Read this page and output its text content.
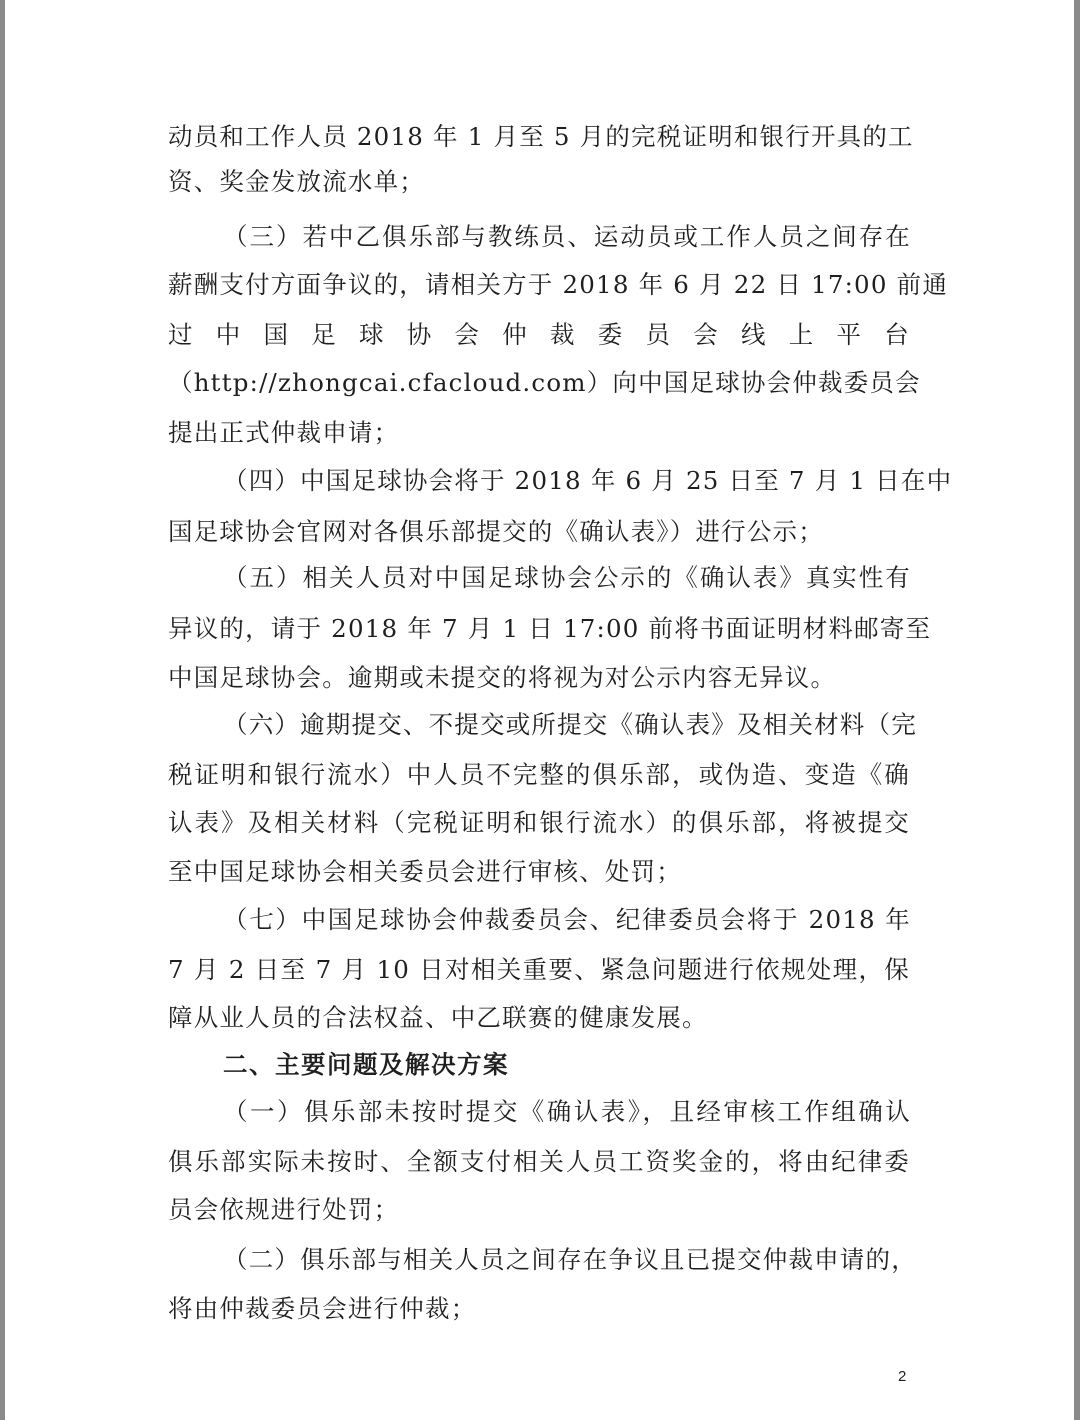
动员和工作人员 2018 年 1 月至 5 月的完税证明和银行开具的工
资、奖金发放流水单；
（三）若中乙俱乐部与教练员、运动员或工作人员之间存在
薪酬支付方面争议的，请相关方于 2018 年 6 月 22 日 17:00 前通
过 中 国 足 球 协 会 仲 裁 委 员 会 线 上 平 台
（http://zhongcai.cfacloud.com）向中国足球协会仲裁委员会
提出正式仲裁申请；
（四）中国足球协会将于 2018 年 6 月 25 日至 7 月 1 日在中
国足球协会官网对各俱乐部提交的《确认表》）进行公示；
（五）相关人员对中国足球协会公示的《确认表》真实性有
异议的，请于 2018 年 7 月 1 日 17:00 前将书面证明材料邮寄至
中国足球协会。逾期或未提交的将视为对公示内容无异议。
（六）逾期提交、不提交或所提交《确认表》及相关材料（完
税证明和银行流水）中人员不完整的俱乐部，或伪造、变造《确
认表》及相关材料（完税证明和银行流水）的俱乐部，将被提交
至中国足球协会相关委员会进行审核、处罚；
（七）中国足球协会仲裁委员会、纪律委员会将于 2018 年
7 月 2 日至 7 月 10 日对相关重要、紧急问题进行依规处理，保
障从业人员的合法权益、中乙联赛的健康发展。
二、主要问题及解决方案
（一）俱乐部未按时提交《确认表》，且经审核工作组确认
俱乐部实际未按时、全额支付相关人员工资奖金的，将由纪律委
员会依规进行处罚；
（二）俱乐部与相关人员之间存在争议且已提交仲裁申请的，
将由仲裁委员会进行仲裁；
2
